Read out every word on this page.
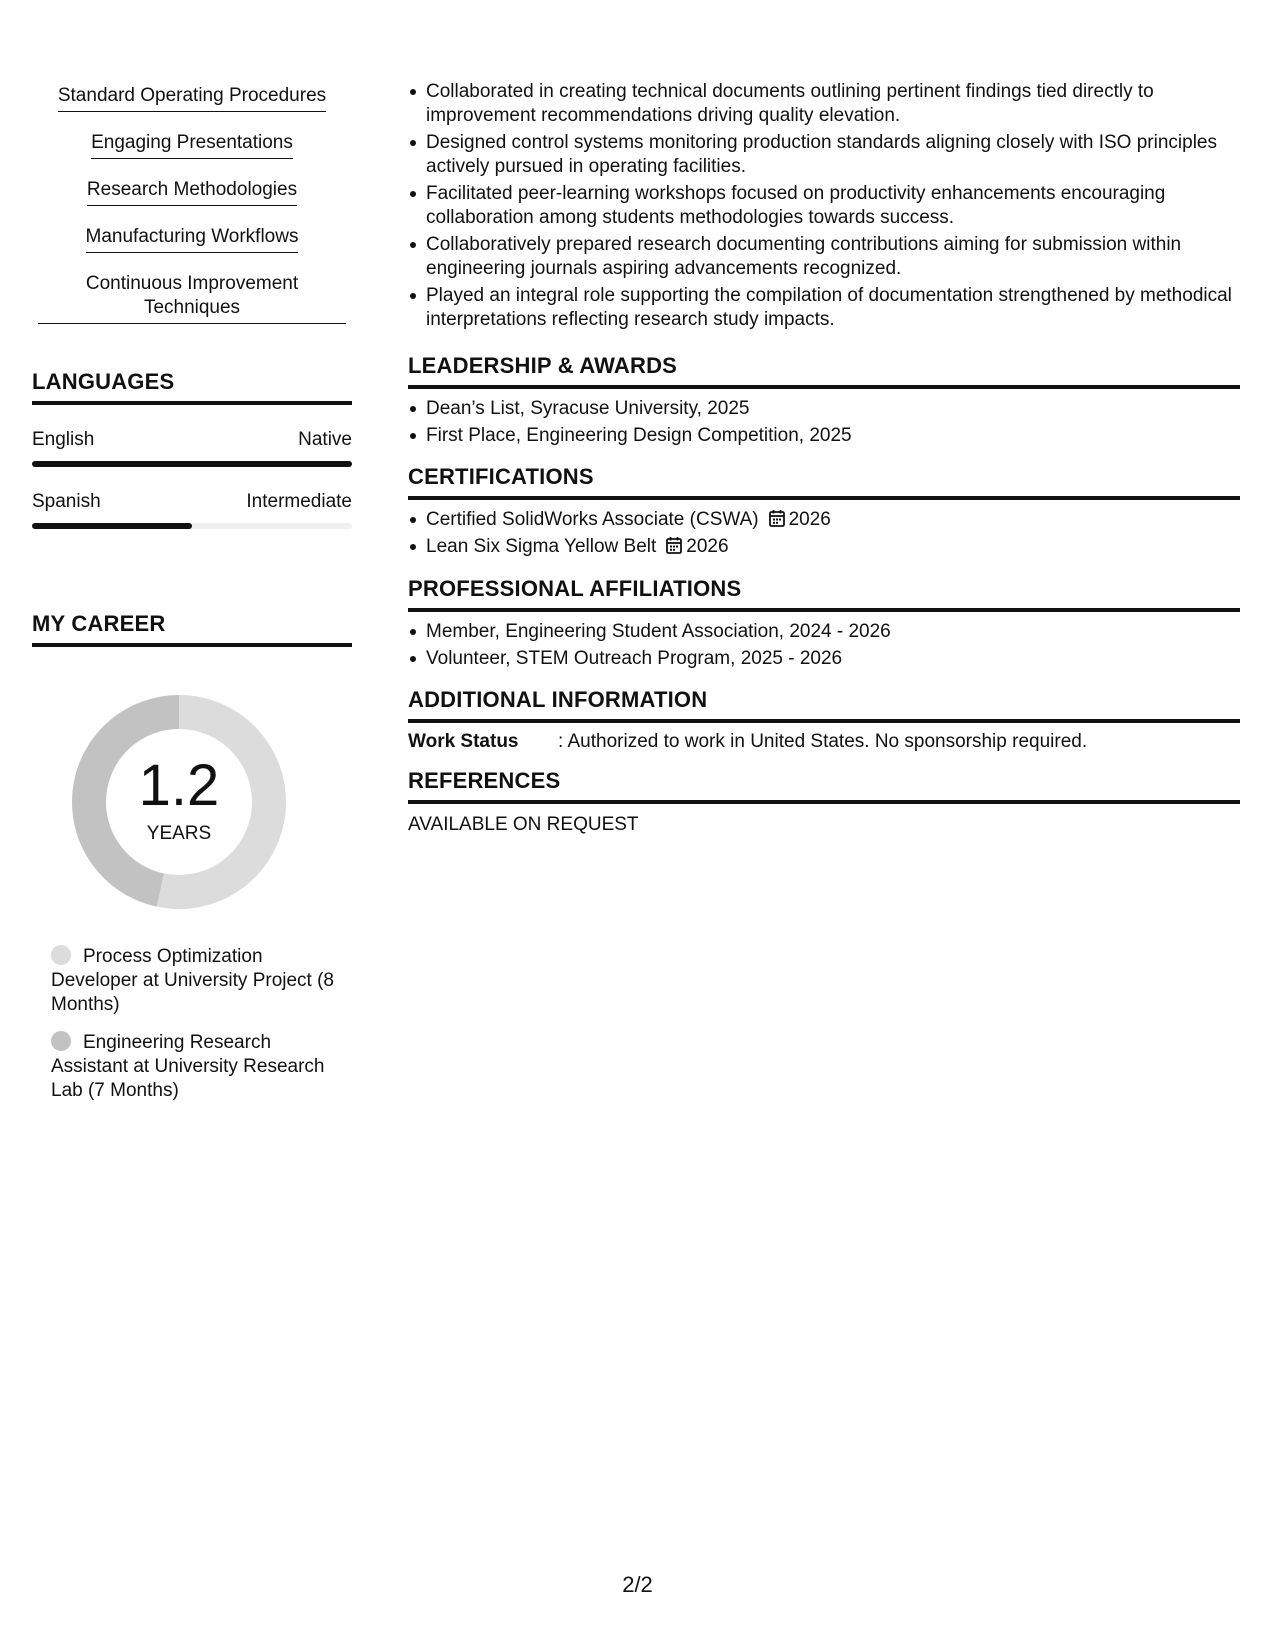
Standard Operating Procedures
Engaging Presentations
Research Methodologies
Manufacturing Workflows
Continuous Improvement Techniques
LANGUAGES
English	Native
Spanish	Intermediate
MY CAREER
1.2
YEARS
Process Optimization Developer at University Project (8 Months)
Engineering Research Assistant at University Research Lab (7 Months)
Collaborated in creating technical documents outlining pertinent findings tied directly to improvement recommendations driving quality elevation.
Designed control systems monitoring production standards aligning closely with ISO principles actively pursued in operating facilities.
Facilitated peer-learning workshops focused on productivity enhancements encouraging collaboration among students methodologies towards success.
Collaboratively prepared research documenting contributions aiming for submission within engineering journals aspiring advancements recognized.
Played an integral role supporting the compilation of documentation strengthened by methodical interpretations reflecting research study impacts.
LEADERSHIP & AWARDS
Dean’s List, Syracuse University, 2025
First Place, Engineering Design Competition, 2025
CERTIFICATIONS
Certified SolidWorks Associate (CSWA) 2026
Lean Six Sigma Yellow Belt 2026
PROFESSIONAL AFFILIATIONS
Member, Engineering Student Association, 2024 - 2026
Volunteer, STEM Outreach Program, 2025 - 2026
ADDITIONAL INFORMATION
Work Status	: Authorized to work in United States. No sponsorship required.
REFERENCES
AVAILABLE ON REQUEST
2/2
